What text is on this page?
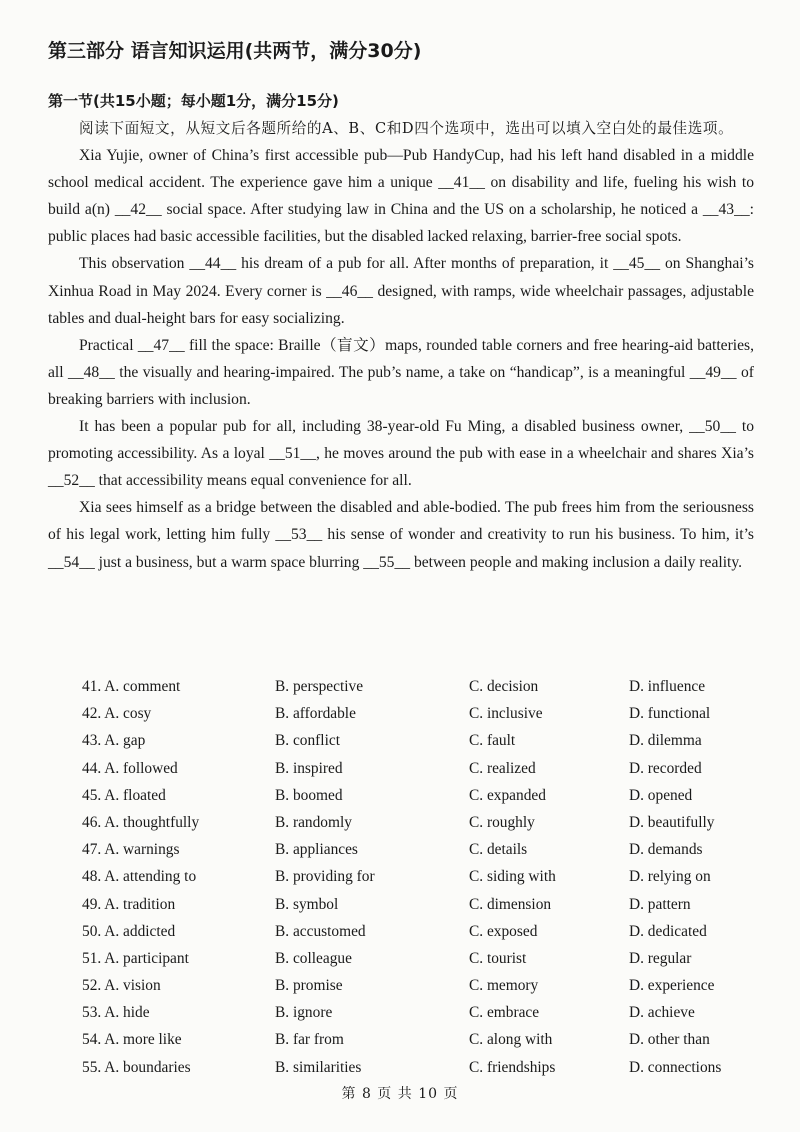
第三部分 语言知识运用(共两节，满分30分)
第一节(共15小题；每小题1分，满分15分)

阅读下面短文，从短文后各题所给的A、B、C和D四个选项中，选出可以填入空白处的最佳选项。

Xia Yujie, owner of China’s first accessible pub—Pub HandyCup, had his left hand disabled in a middle school medical accident. The experience gave him a unique __41__ on disability and life, fueling his wish to build a(n) __42__ social space. After studying law in China and the US on a scholarship, he noticed a __43__: public places had basic accessible facilities, but the disabled lacked relaxing, barrier-free social spots.

This observation __44__ his dream of a pub for all. After months of preparation, it __45__ on Shanghai’s Xinhua Road in May 2024. Every corner is __46__ designed, with ramps, wide wheelchair passages, adjustable tables and dual-height bars for easy socializing.

Practical __47__ fill the space: Braille（盲文）maps, rounded table corners and free hearing-aid batteries, all __48__ the visually and hearing-impaired. The pub’s name, a take on “handicap”, is a meaningful __49__ of breaking barriers with inclusion.

It has been a popular pub for all, including 38-year-old Fu Ming, a disabled business owner, __50__ to promoting accessibility. As a loyal __51__, he moves around the pub with ease in a wheelchair and shares Xia’s __52__ that accessibility means equal convenience for all.

Xia sees himself as a bridge between the disabled and able-bodied. The pub frees him from the seriousness of his legal work, letting him fully __53__ his sense of wonder and creativity to run his business. To him, it’s __54__ just a business, but a warm space blurring __55__ between people and making inclusion a daily reality.

41. A. comment	B. perspective	C. decision	D. influence
42. A. cosy	B. affordable	C. inclusive	D. functional
43. A. gap	B. conflict	C. fault	D. dilemma
44. A. followed	B. inspired	C. realized	D. recorded
45. A. floated	B. boomed	C. expanded	D. opened
46. A. thoughtfully	B. randomly	C. roughly	D. beautifully
47. A. warnings	B. appliances	C. details	D. demands
48. A. attending to	B. providing for	C. siding with	D. relying on
49. A. tradition	B. symbol	C. dimension	D. pattern
50. A. addicted	B. accustomed	C. exposed	D. dedicated
51. A. participant	B. colleague	C. tourist	D. regular
52. A. vision	B. promise	C. memory	D. experience
53. A. hide	B. ignore	C. embrace	D. achieve
54. A. more like	B. far from	C. along with	D. other than
55. A. boundaries	B. similarities	C. friendships	D. connections
第 8 页 共 10 页
